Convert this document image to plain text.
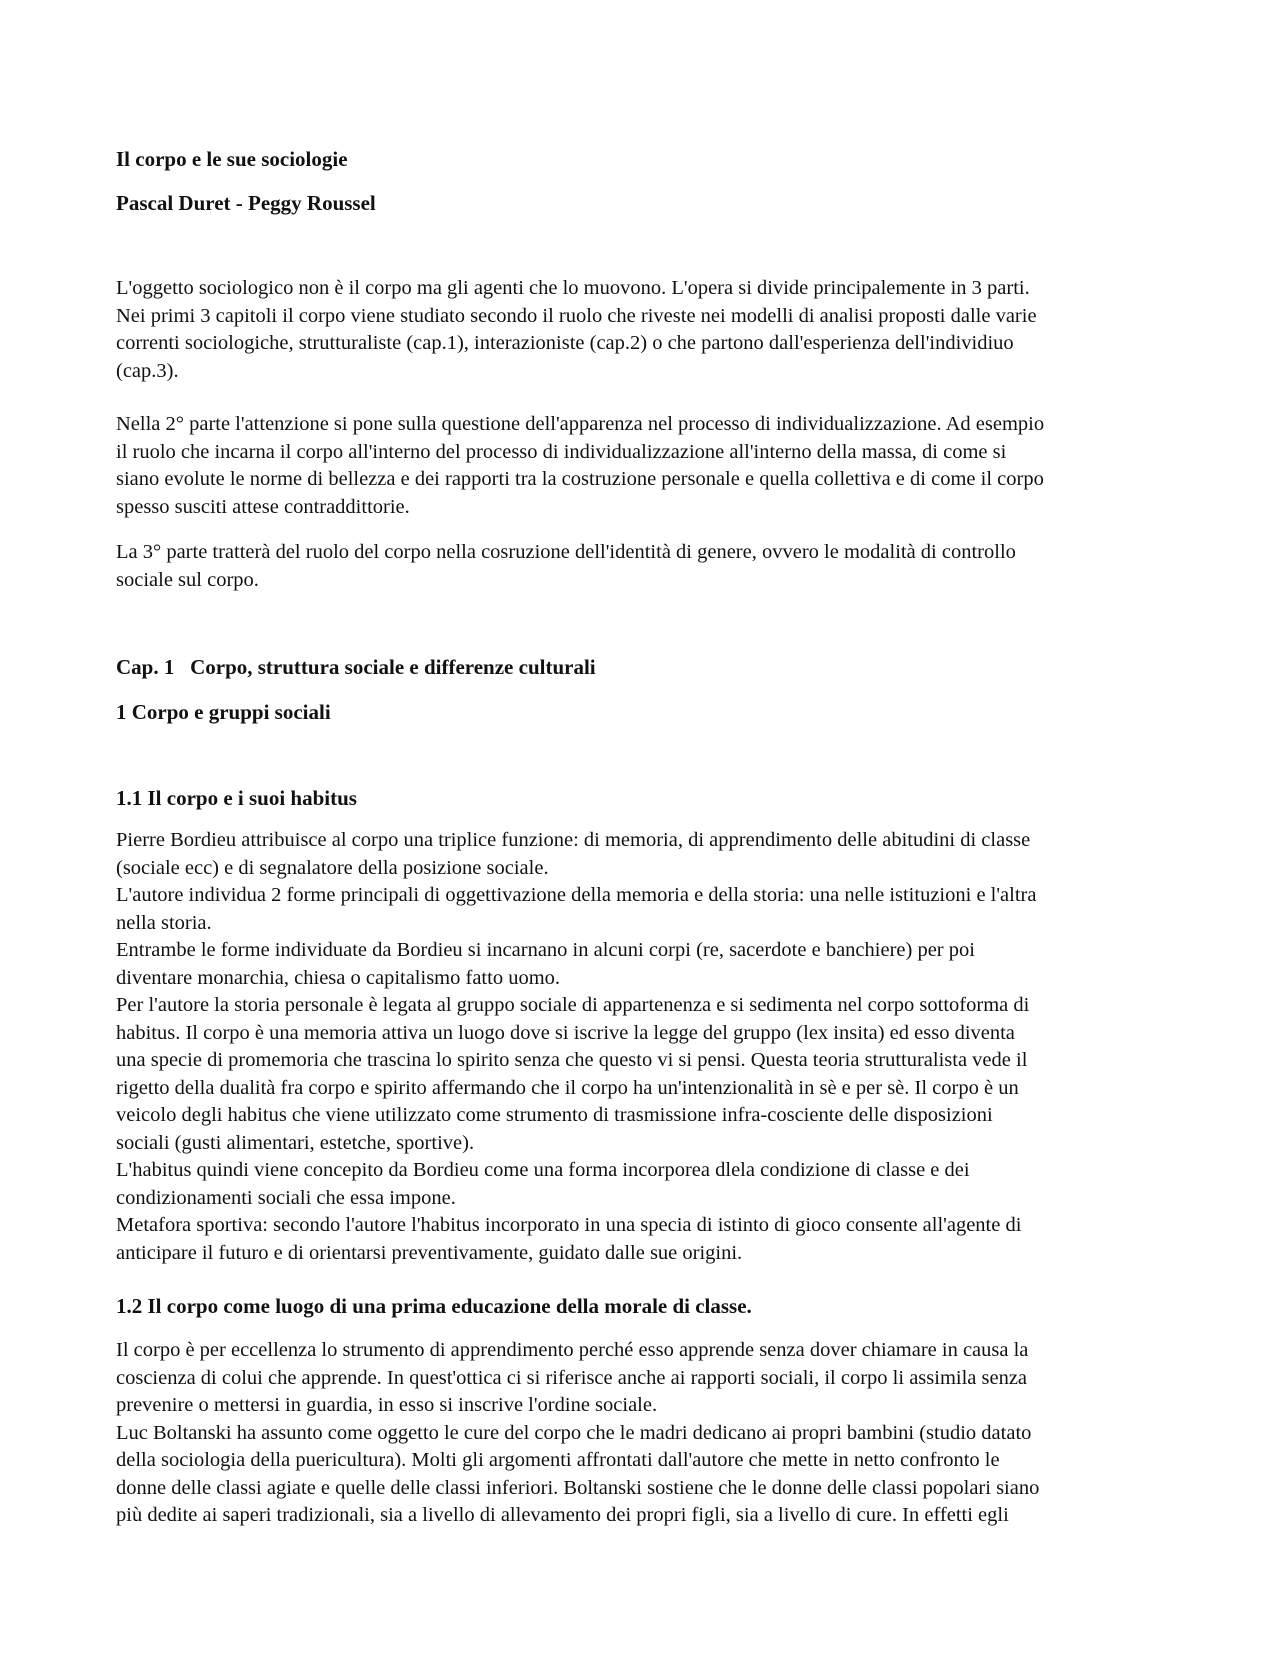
Il corpo e le sue sociologie
Pascal Duret - Peggy Roussel
L'oggetto sociologico non è il corpo ma gli agenti che lo muovono. L'opera si divide principalemente in 3 parti.
Nei primi 3 capitoli il corpo viene studiato secondo il ruolo che riveste nei modelli di analisi proposti dalle varie
correnti sociologiche, strutturaliste (cap.1), interazioniste (cap.2) o che partono dall'esperienza dell'individiuo
(cap.3).
Nella 2° parte l'attenzione si pone sulla questione dell'apparenza nel processo di individualizzazione. Ad esempio
il ruolo che incarna il corpo all'interno del processo di individualizzazione all'interno della massa, di come si
siano evolute le norme di bellezza e dei rapporti tra la costruzione personale e quella collettiva e di come il corpo
spesso susciti attese contraddittorie.
La 3° parte tratterà del ruolo del corpo nella cosruzione dell'identità di genere, ovvero le modalità di controllo
sociale sul corpo.
Cap. 1   Corpo, struttura sociale e differenze culturali
1 Corpo e gruppi sociali
1.1 Il corpo e i suoi habitus
Pierre Bordieu attribuisce al corpo una triplice funzione: di memoria, di apprendimento delle abitudini di classe
(sociale ecc) e di segnalatore della posizione sociale.
L'autore individua 2 forme principali di oggettivazione della memoria e della storia: una nelle istituzioni e l'altra
nella storia.
Entrambe le forme individuate da Bordieu si incarnano in alcuni corpi (re, sacerdote e banchiere) per poi
diventare monarchia, chiesa o capitalismo fatto uomo.
Per l'autore la storia personale è legata al gruppo sociale di appartenenza e si sedimenta nel corpo sottoforma di
habitus. Il corpo è una memoria attiva un luogo dove si iscrive la legge del gruppo (lex insita) ed esso diventa
una specie di promemoria che trascina lo spirito senza che questo vi si pensi. Questa teoria strutturalista vede il
rigetto della dualità fra corpo e spirito affermando che il corpo ha un'intenzionalità in sè e per sè. Il corpo è un
veicolo degli habitus che viene utilizzato come strumento di trasmissione infra-cosciente delle disposizioni
sociali (gusti alimentari, estetche, sportive).
L'habitus quindi viene concepito da Bordieu come una forma incorporea dlela condizione di classe e dei
condizionamenti sociali che essa impone.
Metafora sportiva: secondo l'autore l'habitus incorporato in una specia di istinto di gioco consente all'agente di
anticipare il futuro e di orientarsi preventivamente, guidato dalle sue origini.
1.2 Il corpo come luogo di una prima educazione della morale di classe.
Il corpo è per eccellenza lo strumento di apprendimento perché esso apprende senza dover chiamare in causa la
coscienza di colui che apprende. In quest'ottica ci si riferisce anche ai rapporti sociali, il corpo li assimila senza
prevenire o mettersi in guardia, in esso si inscrive l'ordine sociale.
Luc Boltanski ha assunto come oggetto le cure del corpo che le madri dedicano ai propri bambini (studio datato
della sociologia della puericultura). Molti gli argomenti affrontati dall'autore che mette in netto confronto le
donne delle classi agiate e quelle delle classi inferiori. Boltanski sostiene che le donne delle classi popolari siano
più dedite ai saperi tradizionali, sia a livello di allevamento dei propri figli, sia a livello di cure. In effetti egli
